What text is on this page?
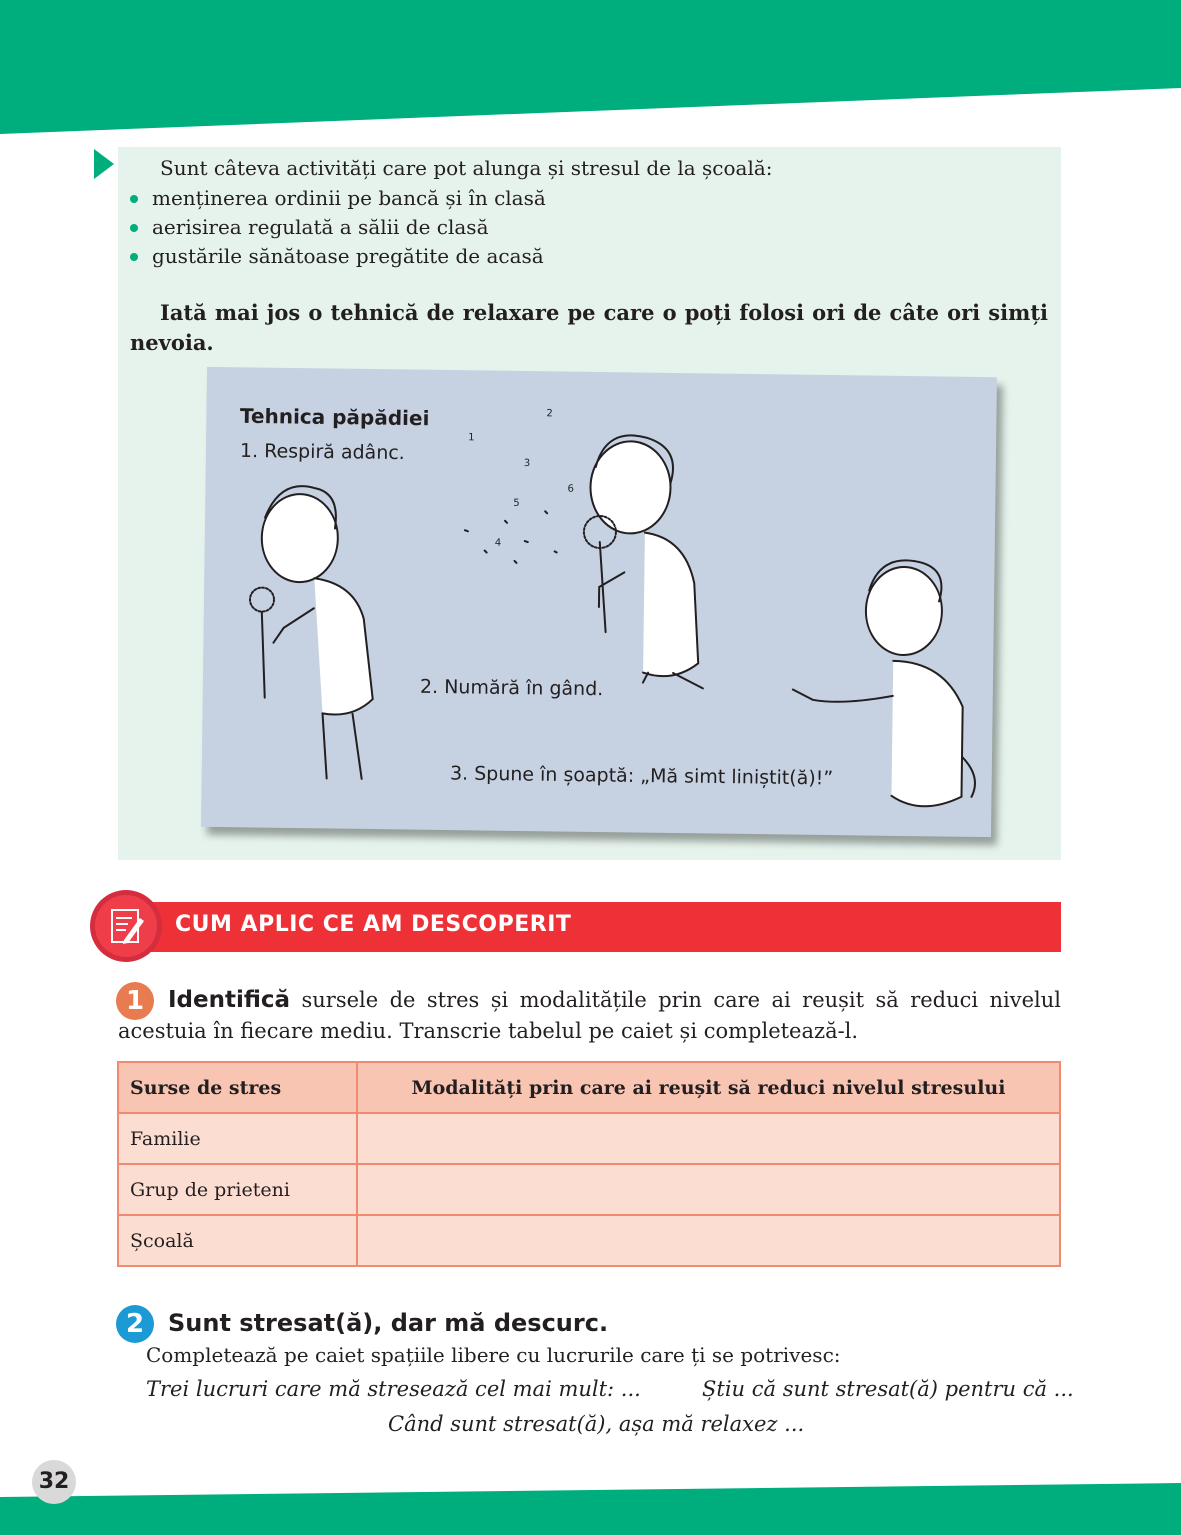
Sunt câteva activități care pot alunga și stresul de la școală:

menținerea ordinii pe bancă și în clasă
aerisirea regulată a sălii de clasă
gustările sănătoase pregătite de acasă

Iată mai jos o tehnică de relaxare pe care o poți folosi ori de câte ori simți nevoia.

1
2
3
4
5
6
Tehnica păpădiei
1. Respiră adânc.
2. Numără în gând.
3. Spune în șoaptă: „Mă simt liniștit(ă)!”
CUM APLIC CE AM DESCOPERIT
1	Identifică sursele de stres și modalitățile prin care ai reușit să reduci nivelul acestuia în fiecare mediu. Transcrie tabelul pe caiet și completează-l.

Surse de stres	Modalități prin care ai reușit să reduci nivelul stresului
Familie	
Grup de prieteni	
Școală	
2 Sunt stresat(ă), dar mă descurc.

Completează pe caiet spațiile libere cu lucrurile care ți se potrivesc:

Trei lucruri care mă stresează cel mai mult: ...	Știu că sunt stresat(ă) pentru că ...

Când sunt stresat(ă), așa mă relaxez ...

32
